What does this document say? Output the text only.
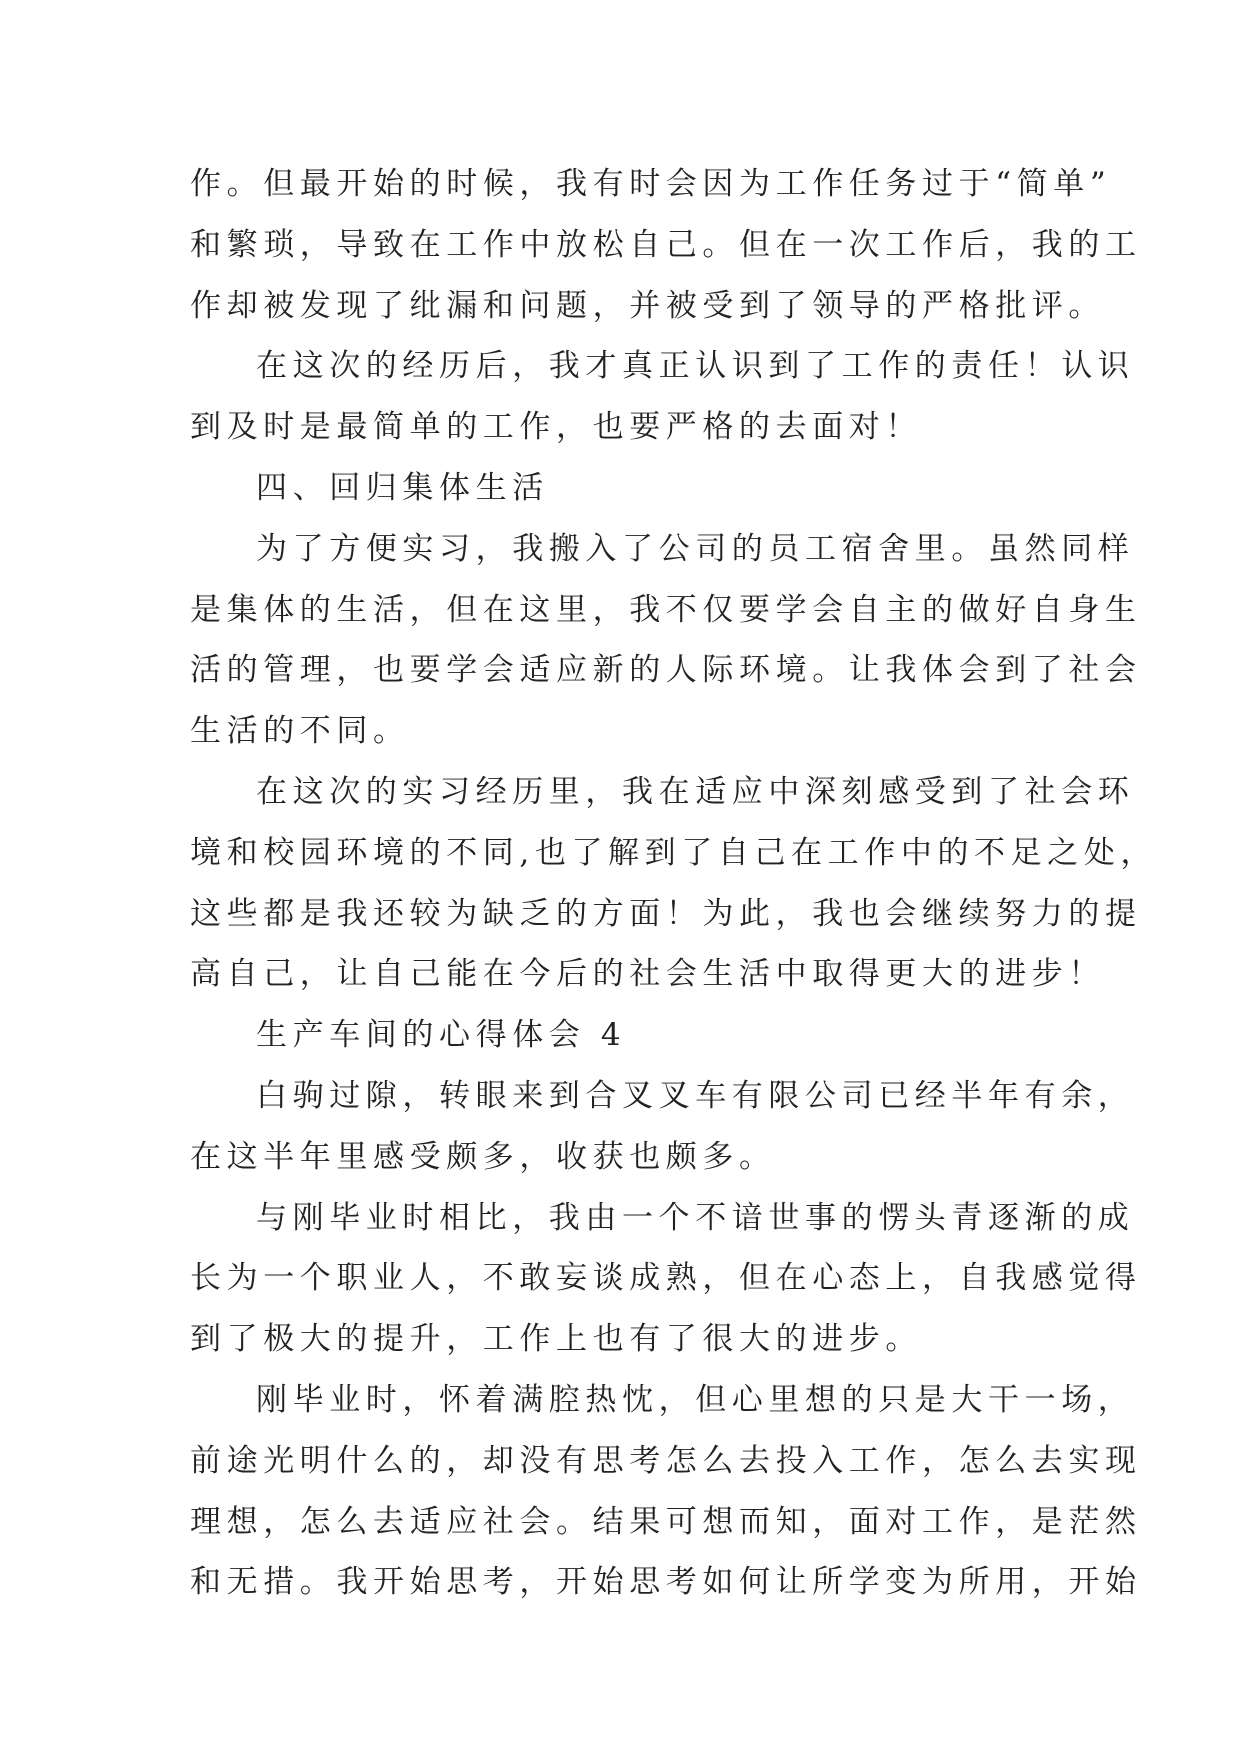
作。但最开始的时候，我有时会因为工作任务过于“简单”

和繁琐，导致在工作中放松自己。但在一次工作后，我的工

作却被发现了纰漏和问题，并被受到了领导的严格批评。

在这次的经历后，我才真正认识到了工作的责任！认识

到及时是最简单的工作，也要严格的去面对！

四、回归集体生活

为了方便实习，我搬入了公司的员工宿舍里。虽然同样

是集体的生活，但在这里，我不仅要学会自主的做好自身生

活的管理，也要学会适应新的人际环境。让我体会到了社会

生活的不同。

在这次的实习经历里，我在适应中深刻感受到了社会环

境和校园环境的不同,也了解到了自己在工作中的不足之处，

这些都是我还较为缺乏的方面！为此，我也会继续努力的提

高自己，让自己能在今后的社会生活中取得更大的进步！

生产车间的心得体会 4

白驹过隙，转眼来到合叉叉车有限公司已经半年有余，

在这半年里感受颇多，收获也颇多。

与刚毕业时相比，我由一个不谙世事的愣头青逐渐的成

长为一个职业人，不敢妄谈成熟，但在心态上，自我感觉得

到了极大的提升，工作上也有了很大的进步。

刚毕业时，怀着满腔热忱，但心里想的只是大干一场，

前途光明什么的，却没有思考怎么去投入工作，怎么去实现

理想，怎么去适应社会。结果可想而知，面对工作，是茫然

和无措。我开始思考，开始思考如何让所学变为所用，开始
